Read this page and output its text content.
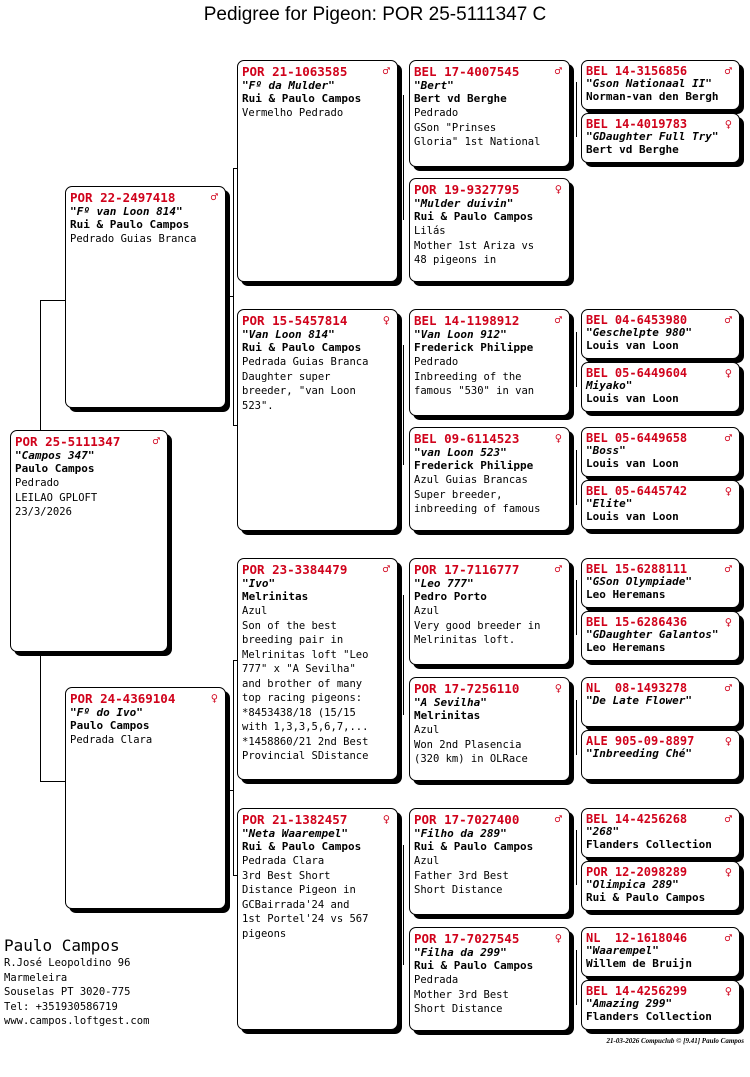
Pedigree for Pigeon: POR 25-5111347 C
POR 25-5111347	♂
"Campos 347"
Paulo Campos
Pedrado
LEILAO GPLOFT
23/3/2026
POR 22-2497418	♂
"Fº van Loon 814"
Rui & Paulo Campos
Pedrado Guias Branca
POR 24-4369104	♀
"Fº do Ivo"
Paulo Campos
Pedrada Clara
POR 21-1063585	♂
"Fº da Mulder"
Rui & Paulo Campos
Vermelho Pedrado
POR 15-5457814	♀
"Van Loon 814"
Rui & Paulo Campos
Pedrada Guias Branca
Daughter super
breeder, "van Loon
523".
POR 23-3384479	♂
"Ivo"
Melrinitas
Azul
Son of the best
breeding pair in
Melrinitas loft "Leo
777" x "A Sevilha"
and brother of many
top racing pigeons:
*8453438/18 (15/15
with 1,3,3,5,6,7,...
*1458860/21 2nd Best
Provincial SDistance
POR 21-1382457	♀
"Neta Waarempel"
Rui & Paulo Campos
Pedrada Clara
3rd Best Short
Distance Pigeon in
GCBairrada'24 and
1st Portel'24 vs 567
pigeons
BEL 17-4007545	♂
"Bert"
Bert vd Berghe
Pedrado
GSon "Prinses
Gloria" 1st National
POR 19-9327795	♀
"Mulder duivin"
Rui & Paulo Campos
Lilás
Mother 1st Ariza vs
48 pigeons in
BEL 14-1198912	♂
"Van Loon 912"
Frederick Philippe
Pedrado
Inbreeding of the
famous "530" in van
BEL 09-6114523	♀
"van Loon 523"
Frederick Philippe
Azul Guias Brancas
Super breeder,
inbreeding of famous
POR 17-7116777	♂
"Leo 777"
Pedro Porto
Azul
Very good breeder in
Melrinitas loft.
POR 17-7256110	♀
"A Sevilha"
Melrinitas
Azul
Won 2nd Plasencia
(320 km) in OLRace
POR 17-7027400	♂
"Filho da 289"
Rui & Paulo Campos
Azul
Father 3rd Best
Short Distance
POR 17-7027545	♀
"Filha da 299"
Rui & Paulo Campos
Pedrada
Mother 3rd Best
Short Distance
BEL 14-3156856	♂
"Gson Nationaal II"
Norman-van den Bergh
BEL 14-4019783	♀
"GDaughter Full Try"
Bert vd Berghe
BEL 04-6453980	♂
"Geschelpte 980"
Louis van Loon
BEL 05-6449604	♀
Miyako"
Louis van Loon
BEL 05-6449658	♂
"Boss"
Louis van Loon
BEL 05-6445742	♀
"Elite"
Louis van Loon
BEL 15-6288111	♂
"GSon Olympiade"
Leo Heremans
BEL 15-6286436	♀
"GDaughter Galantos"
Leo Heremans
NL  08-1493278	♂
"De Late Flower"
ALE 905-09-8897	♀
"Inbreeding Ché"
BEL 14-4256268	♂
"268"
Flanders Collection
POR 12-2098289	♀
"Olimpica 289"
Rui & Paulo Campos
NL  12-1618046	♂
"Waarempel"
Willem de Bruijn
BEL 14-4256299	♀
"Amazing 299"
Flanders Collection
Paulo Campos
R.José Leopoldino 96
Marmeleira
Souselas PT 3020-775
Tel: +351930586719
www.campos.loftgest.com
21-03-2026 Compuclub © [9.41] Paulo Campos
